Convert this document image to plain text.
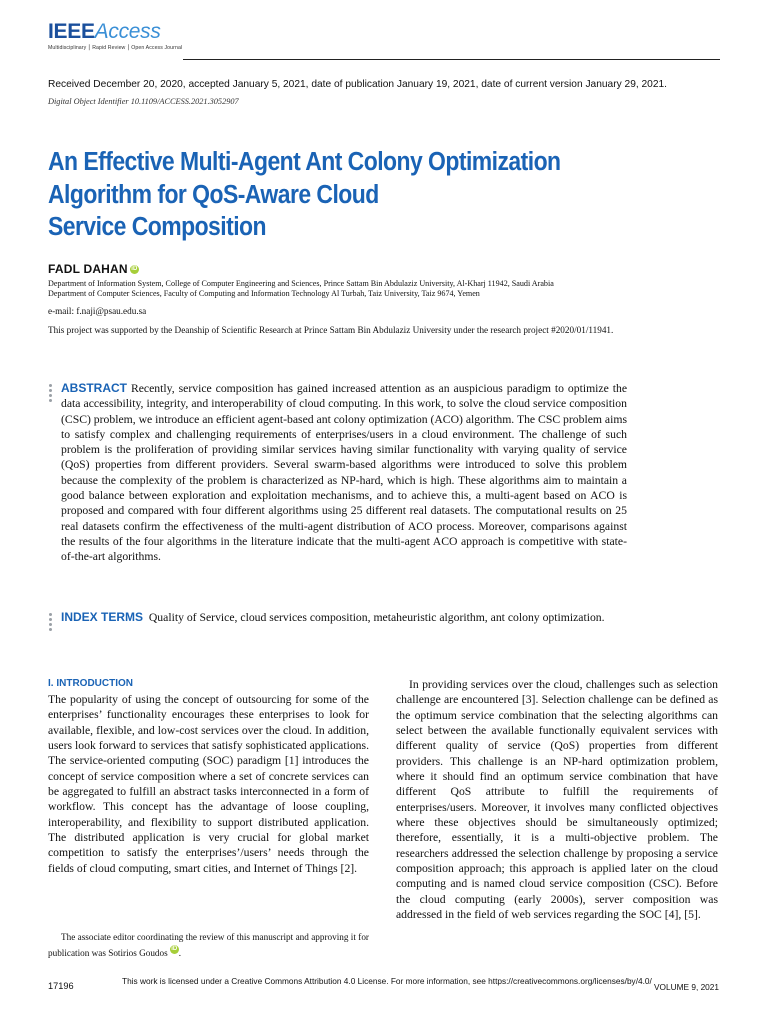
IEEEAccess
Multidisciplinary ⎮ Rapid Review ⎮ Open Access Journal
Received December 20, 2020, accepted January 5, 2021, date of publication January 19, 2021, date of current version January 29, 2021.
Digital Object Identifier 10.1109/ACCESS.2021.3052907
An Effective Multi-Agent Ant Colony Optimization
Algorithm for QoS-Aware Cloud
Service Composition
FADL DAHAN iD
Department of Information System, College of Computer Engineering and Sciences, Prince Sattam Bin Abdulaziz University, Al-Kharj 11942, Saudi Arabia
Department of Computer Sciences, Faculty of Computing and Information Technology Al Turbah, Taiz University, Taiz 9674, Yemen
e-mail: f.naji@psau.edu.sa
This project was supported by the Deanship of Scientific Research at Prince Sattam Bin Abdulaziz University under the research project #2020/01/11941.
ABSTRACT Recently, service composition has gained increased attention as an auspicious paradigm to optimize the data accessibility, integrity, and interoperability of cloud computing. In this work, to solve the cloud service composition (CSC) problem, we introduce an efficient agent-based ant colony optimization (ACO) algorithm. The CSC problem aims to satisfy complex and challenging requirements of enterprises/users in a cloud environment. The challenge of such problem is the proliferation of providing similar services having similar functionality with varying quality of service (QoS) properties from different providers. Several swarm-based algorithms were introduced to solve this problem because the complexity of the problem is characterized as NP-hard, which is high. These algorithms aim to maintain a good balance between exploration and exploitation mechanisms, and to achieve this, a multi-agent based on ACO is proposed and compared with four different algorithms using 25 different real datasets. The computational results on 25 real datasets confirm the effectiveness of the multi-agent distribution of ACO process. Moreover, comparisons against the results of the four algorithms in the literature indicate that the multi-agent ACO approach is competitive with state-of-the-art algorithms.
INDEX TERMS Quality of Service, cloud services composition, metaheuristic algorithm, ant colony optimization.
I. INTRODUCTION
The popularity of using the concept of outsourcing for some of the enterprises’ functionality encourages these enterprises to look for available, flexible, and low-cost services over the cloud. In addition, users look forward to services that satisfy sophisticated applications. The service-oriented computing (SOC) paradigm [1] introduces the concept of service composition where a set of concrete services can be aggregated to fulfill an abstract tasks interconnected in a form of workflow. This concept has the advantage of loose coupling, interoperability, and flexibility to support distributed application. The distributed application is very crucial for global market competition to satisfy the enterprises’/users’ needs through the fields of cloud computing, smart cities, and Internet of Things [2].
The associate editor coordinating the review of this manuscript and approving it for publication was Sotirios Goudos iD .
In providing services over the cloud, challenges such as selection challenge are encountered [3]. Selection challenge can be defined as the optimum service combination that the selecting algorithms can select between the available functionally equivalent services with different quality of service (QoS) properties from different providers. This challenge is an NP-hard optimization problem, where it should find an optimum service combination that have different QoS attribute to fulfill the requirements of enterprises/users. Moreover, it involves many conflicted objectives where these objectives should be simultaneously optimized; therefore, essentially, it is a multi-objective problem. The researchers addressed the selection challenge by proposing a service composition approach; this approach is applied later on the cloud computing and is named cloud service composition (CSC). Before the cloud computing (early 2000s), server composition was addressed in the field of web services regarding the SOC [4], [5].
17196	This work is licensed under a Creative Commons Attribution 4.0 License. For more information, see https://creativecommons.org/licenses/by/4.0/
VOLUME 9, 2021
